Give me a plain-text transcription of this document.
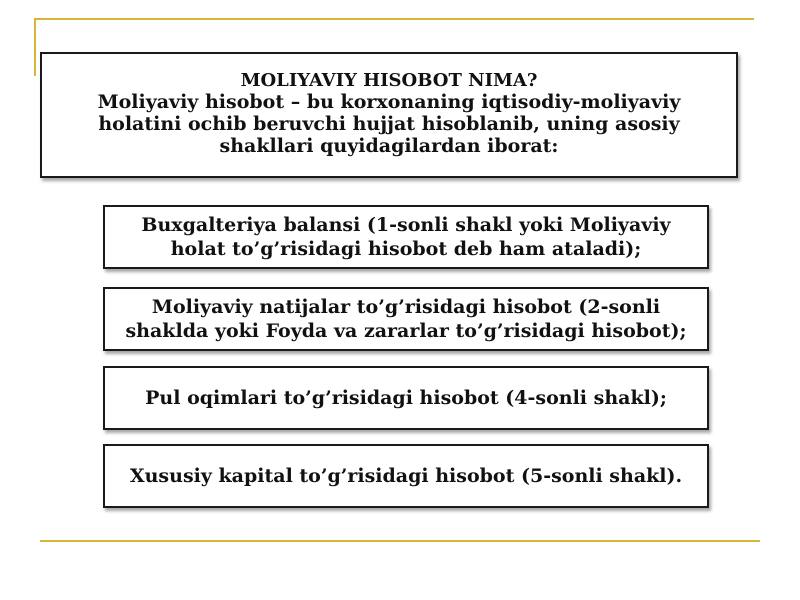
MOLIYAVIY HISOBOT NIMA?
Moliyaviy hisobot – bu korxonaning iqtisodiy-moliyaviy holatini ochib beruvchi hujjat hisoblanib, uning asosiy shakllari quyidagilardan iborat:
Buxgalteriya balansi (1-sonli shakl yoki Moliyaviy holat to’g’risidagi hisobot deb ham ataladi);
Moliyaviy natijalar to’g’risidagi hisobot (2-sonli shaklda yoki Foyda va zararlar to’g’risidagi hisobot);
Pul oqimlari to’g’risidagi hisobot (4-sonli shakl);
Xususiy kapital to’g’risidagi hisobot (5-sonli shakl).
